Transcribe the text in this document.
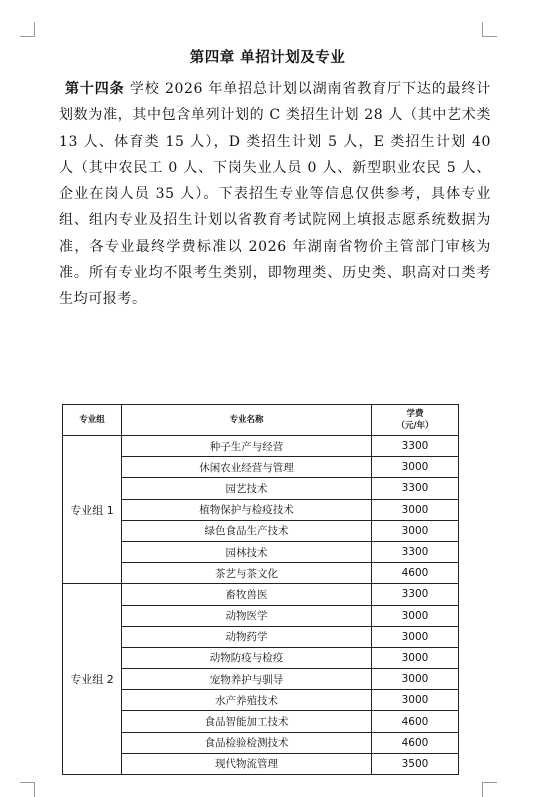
第四章 单招计划及专业
第十四条 学校 2026 年单招总计划以湖南省教育厅下达的最终计划数为准，其中包含单列计划的 C 类招生计划 28 人（其中艺术类 13 人、体育类 15 人），D 类招生计划 5 人，E 类招生计划 40 人（其中农民工 0 人、下岗失业人员 0 人、新型职业农民 5 人、企业在岗人员 35 人）。下表招生专业等信息仅供参考，具体专业组、组内专业及招生计划以省教育考试院网上填报志愿系统数据为准，各专业最终学费标准以 2026 年湖南省物价主管部门审核为准。所有专业均不限考生类别，即物理类、历史类、职高对口类考生均可报考。
专业组	专业名称	学费
（元/年）

专业组 1	种子生产与经营	3300
	休闲农业经营与管理	3000
	园艺技术	3300
	植物保护与检疫技术	3000
	绿色食品生产技术	3000
	园林技术	3300
	茶艺与茶文化	4600
专业组 2	畜牧兽医	3300
	动物医学	3000
	动物药学	3000
	动物防疫与检疫	3000
	宠物养护与驯导	3000
	水产养殖技术	3000
	食品智能加工技术	4600
	食品检验检测技术	4600
	现代物流管理	3500
